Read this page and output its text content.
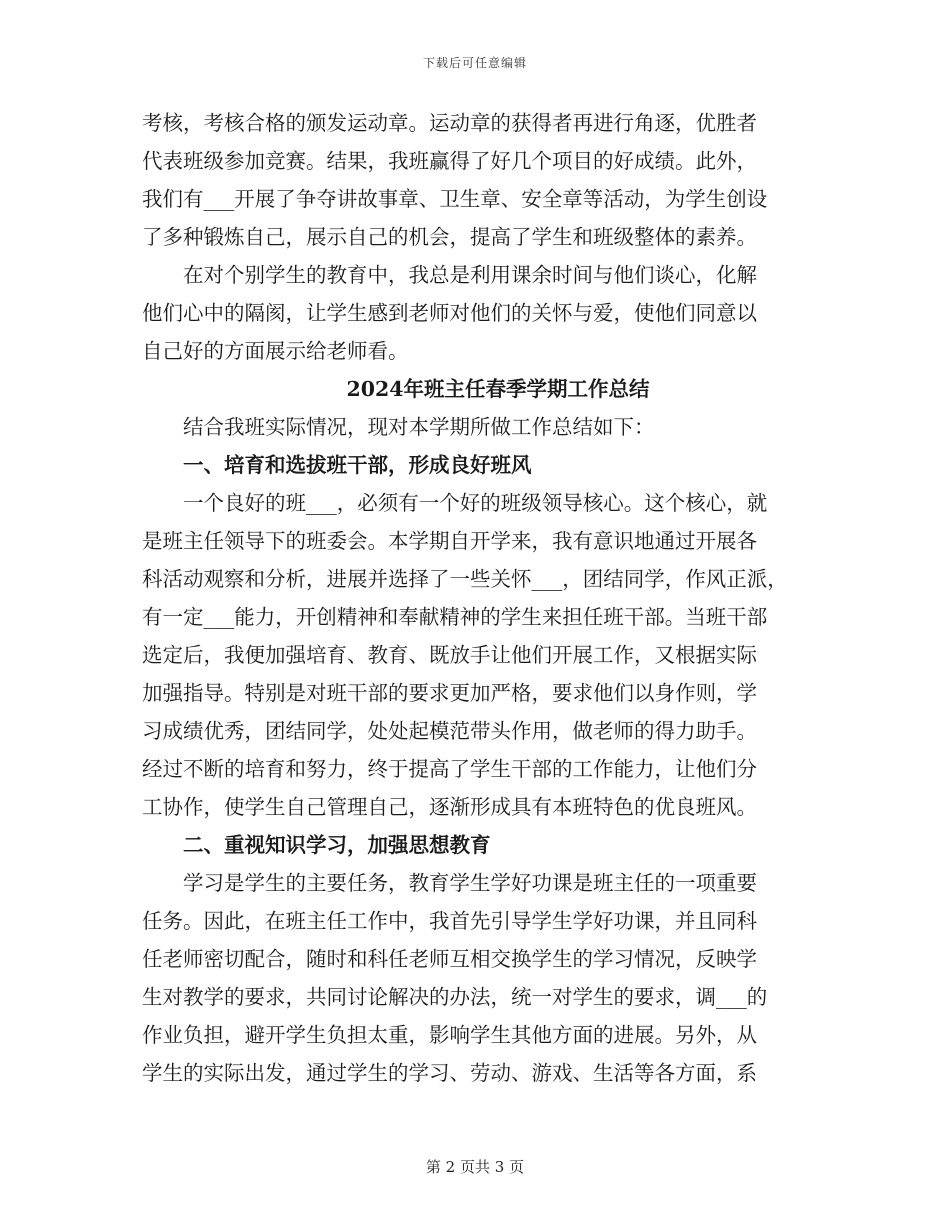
下载后可任意编辑
考核，考核合格的颁发运动章。运动章的获得者再进行角逐，优胜者
代表班级参加竞赛。结果，我班赢得了好几个项目的好成绩。此外，
我们有___开展了争夺讲故事章、卫生章、安全章等活动，为学生创设
了多种锻炼自己，展示自己的机会，提高了学生和班级整体的素养。
在对个别学生的教育中，我总是利用课余时间与他们谈心，化解
他们心中的隔阂，让学生感到老师对他们的关怀与爱，使他们同意以
自己好的方面展示给老师看。
2024年班主任春季学期工作总结
结合我班实际情况，现对本学期所做工作总结如下：
一、培育和选拔班干部，形成良好班风
一个良好的班___，必须有一个好的班级领导核心。这个核心，就
是班主任领导下的班委会。本学期自开学来，我有意识地通过开展各
科活动观察和分析，进展并选择了一些关怀___，团结同学，作风正派，
有一定___能力，开创精神和奉献精神的学生来担任班干部。当班干部
选定后，我便加强培育、教育、既放手让他们开展工作，又根据实际
加强指导。特别是对班干部的要求更加严格，要求他们以身作则，学
习成绩优秀，团结同学，处处起模范带头作用，做老师的得力助手。
经过不断的培育和努力，终于提高了学生干部的工作能力，让他们分
工协作，使学生自己管理自己，逐渐形成具有本班特色的优良班风。
二、重视知识学习，加强思想教育
学习是学生的主要任务，教育学生学好功课是班主任的一项重要
任务。因此，在班主任工作中，我首先引导学生学好功课，并且同科
任老师密切配合，随时和科任老师互相交换学生的学习情况，反映学
生对教学的要求，共同讨论解决的办法，统一对学生的要求，调___的
作业负担，避开学生负担太重，影响学生其他方面的进展。另外，从
学生的实际出发，通过学生的学习、劳动、游戏、生活等各方面，系
第 2 页共 3 页
